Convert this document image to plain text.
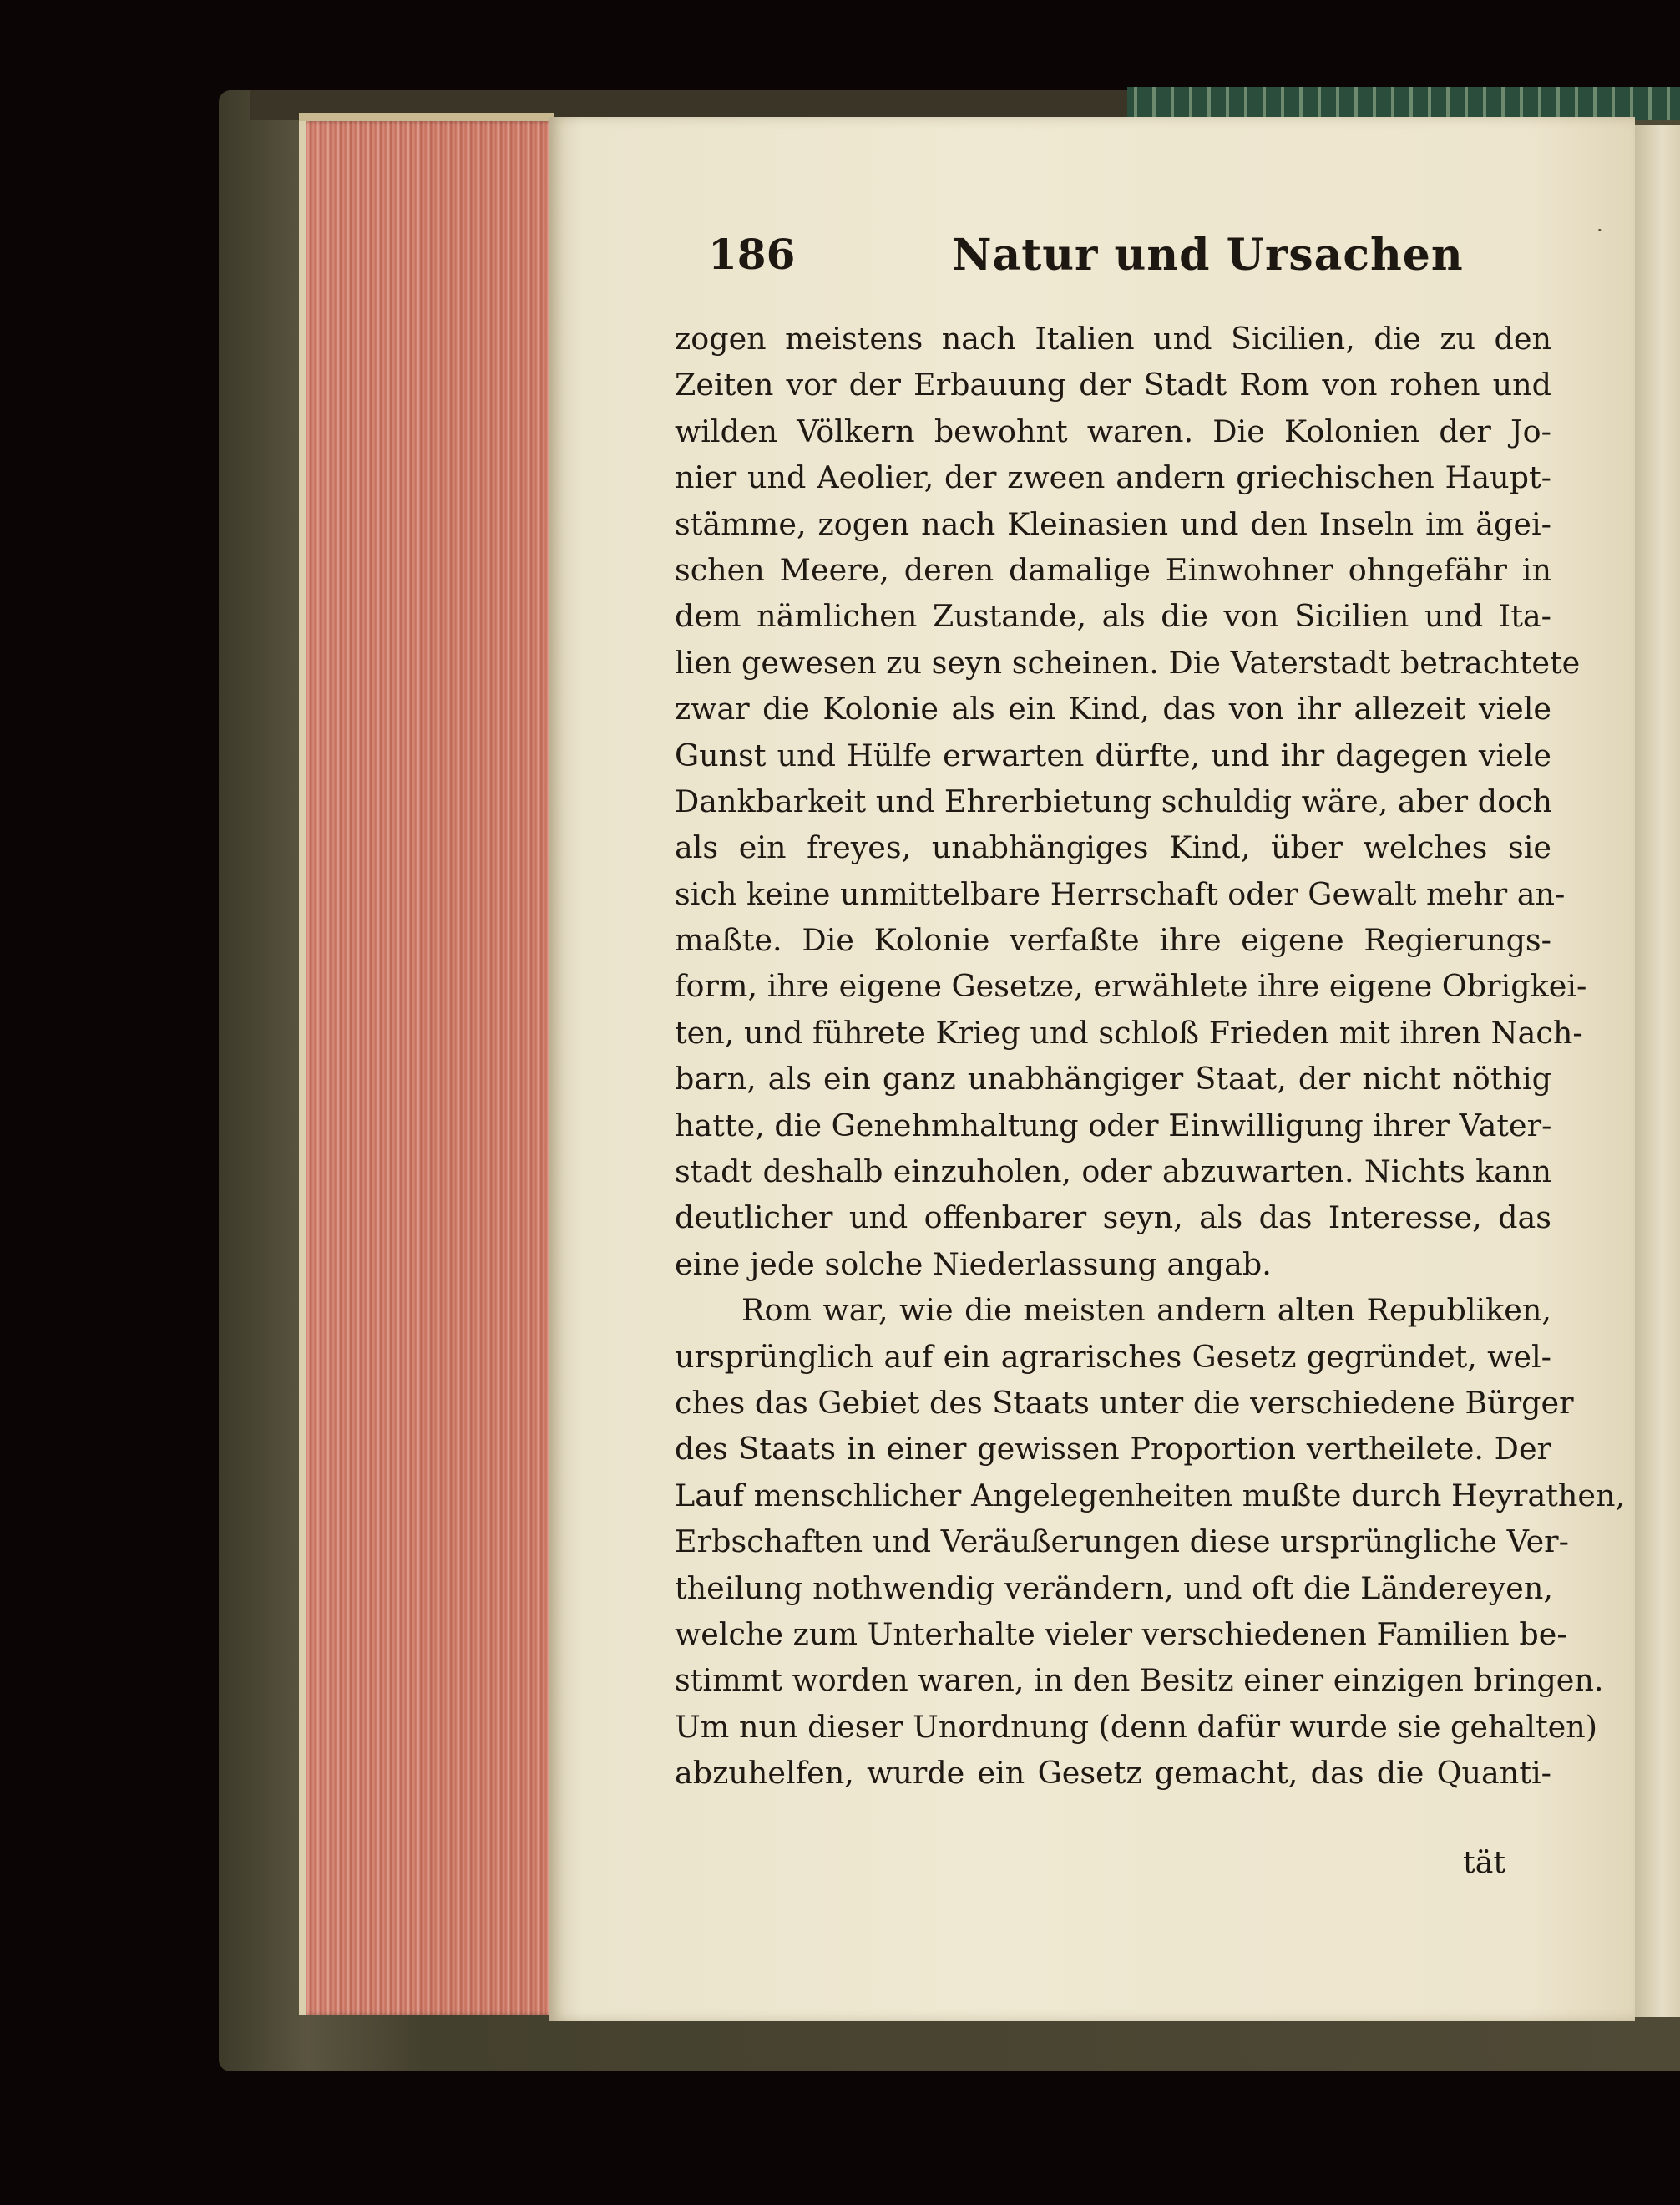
186	Natur und Ursachen
zogen meistens nach Italien und Sicilien, die zu den
Zeiten vor der Erbauung der Stadt Rom von rohen und
wilden Völkern bewohnt waren. Die Kolonien der Jo-
nier und Aeolier, der zween andern griechischen Haupt-
stämme, zogen nach Kleinasien und den Inseln im ägei-
schen Meere, deren damalige Einwohner ohngefähr in
dem nämlichen Zustande, als die von Sicilien und Ita-
lien gewesen zu seyn scheinen. Die Vaterstadt betrachtete
zwar die Kolonie als ein Kind, das von ihr allezeit viele
Gunst und Hülfe erwarten dürfte, und ihr dagegen viele
Dankbarkeit und Ehrerbietung schuldig wäre, aber doch
als ein freyes, unabhängiges Kind, über welches sie
sich keine unmittelbare Herrschaft oder Gewalt mehr an-
maßte. Die Kolonie verfaßte ihre eigene Regierungs-
form, ihre eigene Gesetze, erwählete ihre eigene Obrigkei-
ten, und führete Krieg und schloß Frieden mit ihren Nach-
barn, als ein ganz unabhängiger Staat, der nicht nöthig
hatte, die Genehmhaltung oder Einwilligung ihrer Vater-
stadt deshalb einzuholen, oder abzuwarten. Nichts kann
deutlicher und offenbarer seyn, als das Interesse, das
eine jede solche Niederlassung angab.
Rom war, wie die meisten andern alten Republiken,
ursprünglich auf ein agrarisches Gesetz gegründet, wel-
ches das Gebiet des Staats unter die verschiedene Bürger
des Staats in einer gewissen Proportion vertheilete. Der
Lauf menschlicher Angelegenheiten mußte durch Heyrathen,
Erbschaften und Veräußerungen diese ursprüngliche Ver-
theilung nothwendig verändern, und oft die Ländereyen,
welche zum Unterhalte vieler verschiedenen Familien be-
stimmt worden waren, in den Besitz einer einzigen bringen.
Um nun dieser Unordnung (denn dafür wurde sie gehalten)
abzuhelfen, wurde ein Gesetz gemacht, das die Quanti-
tät
